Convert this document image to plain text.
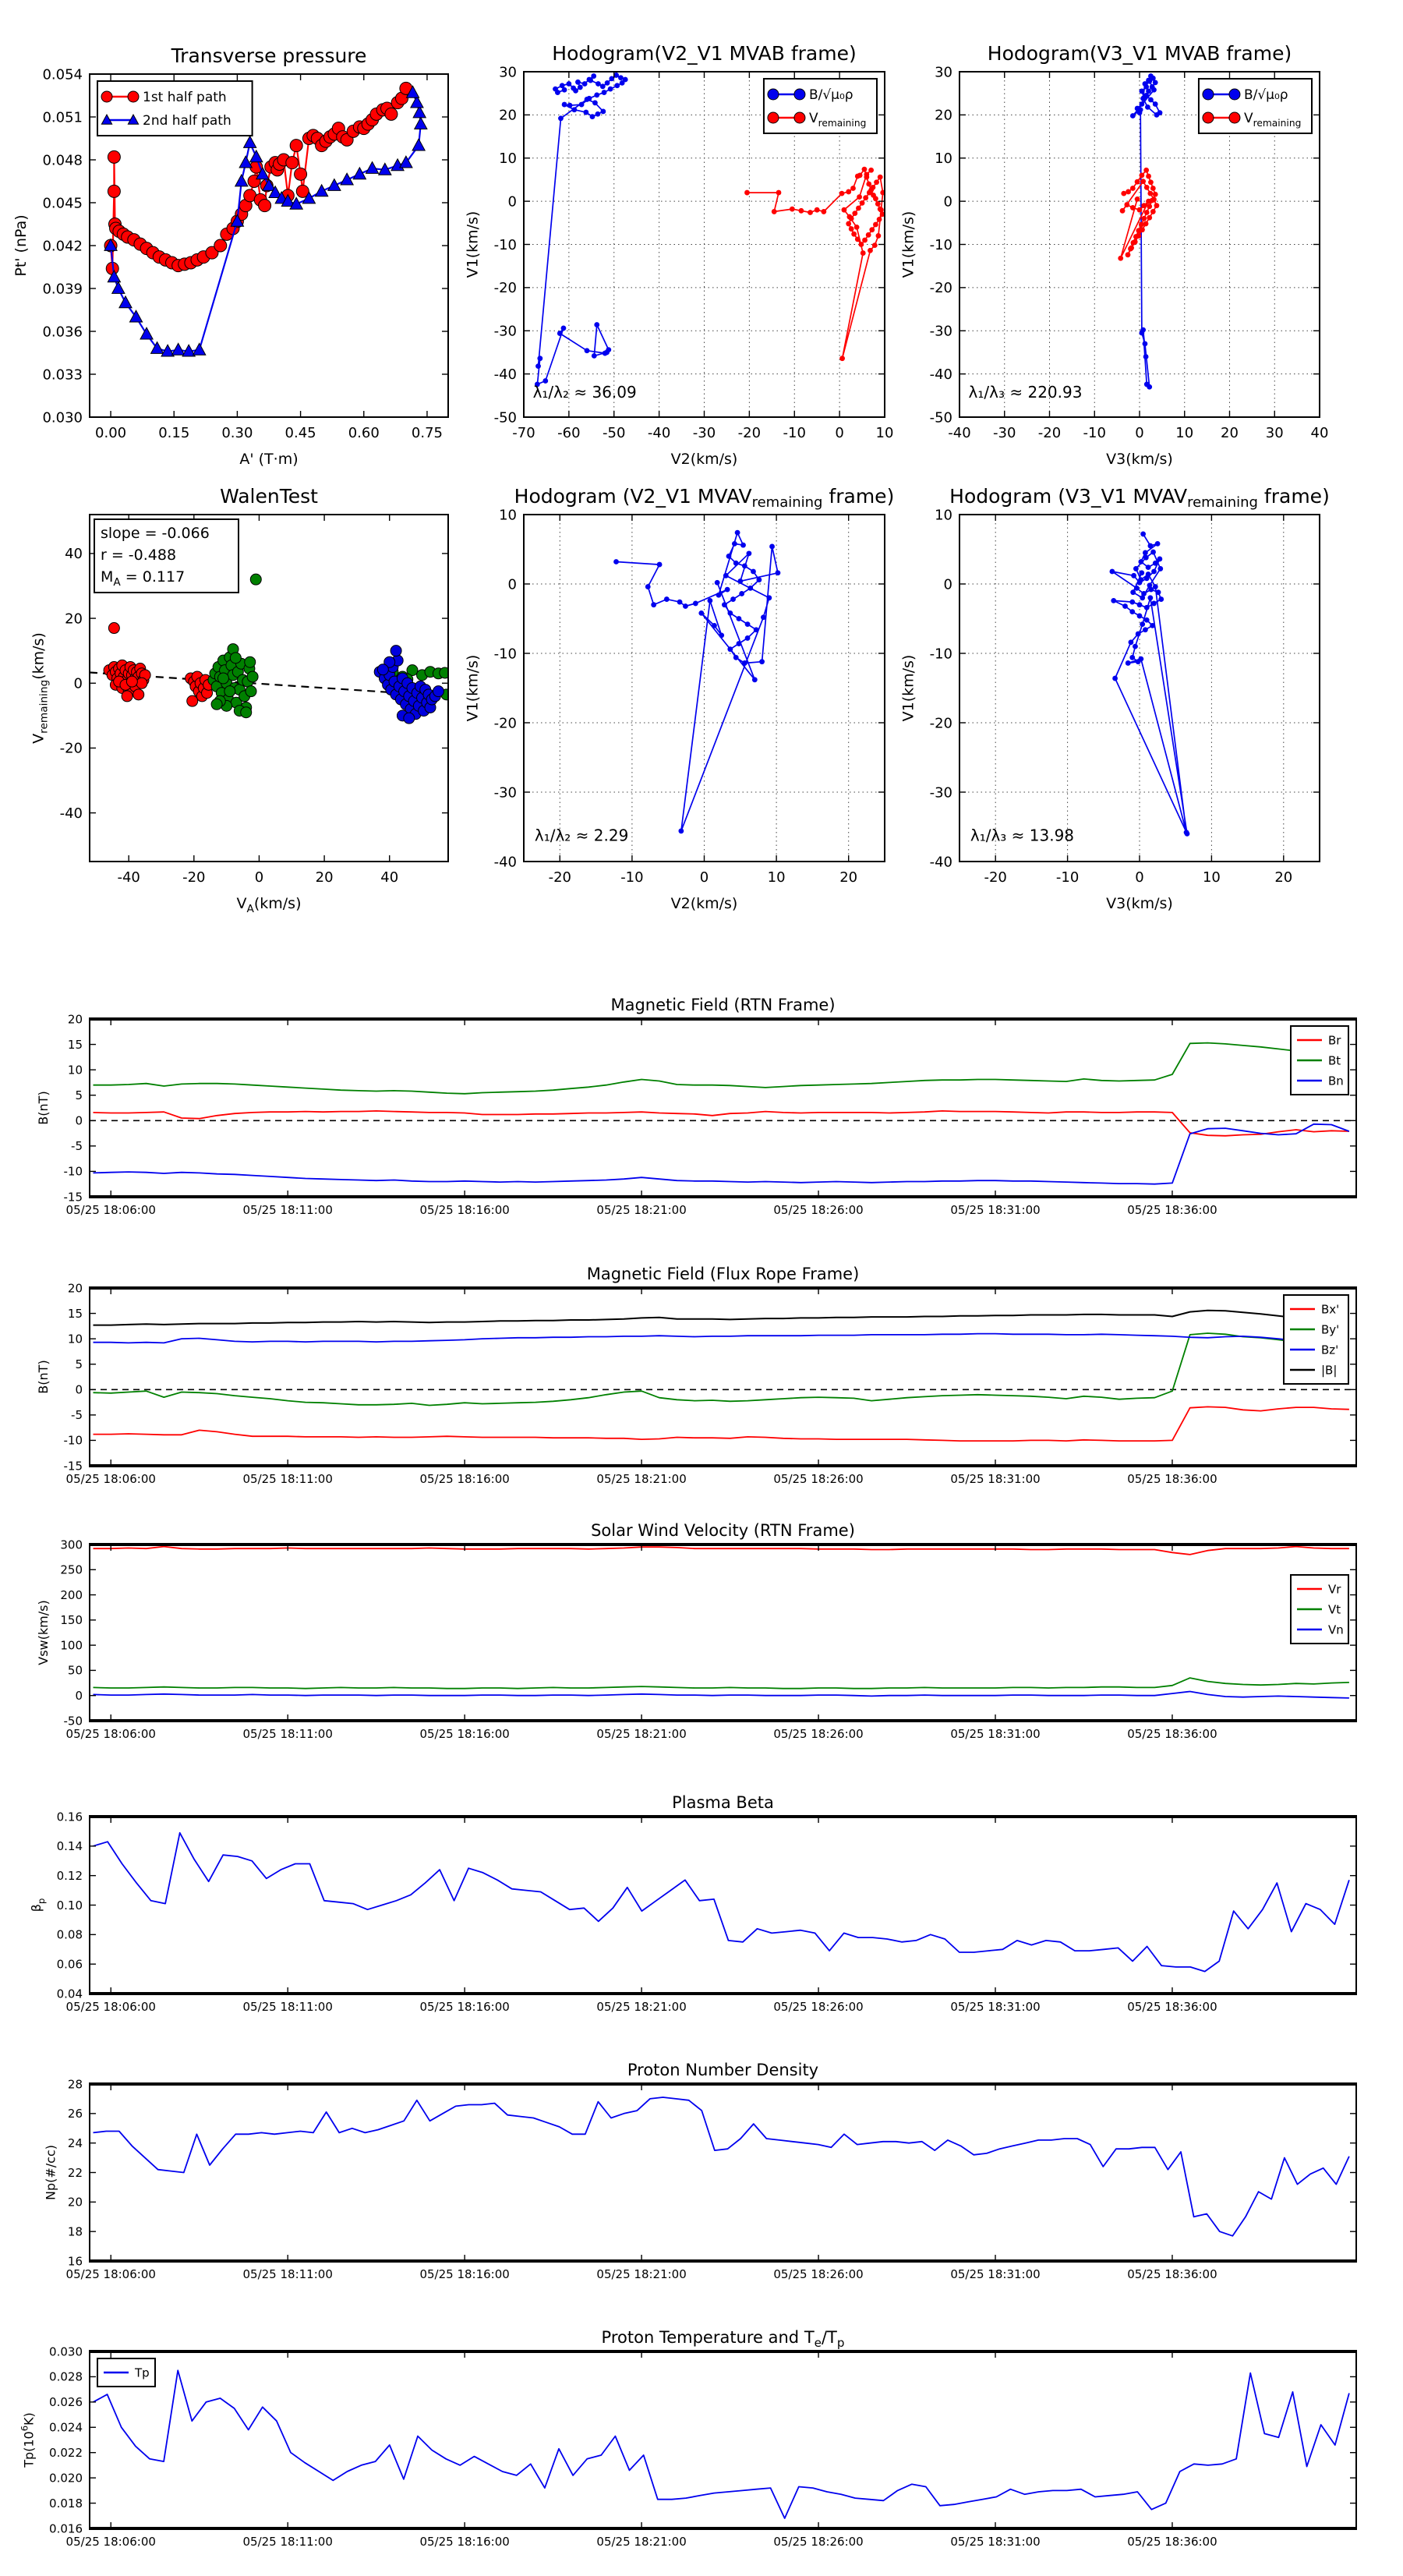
0.00 0.15 0.30 0.45 0.60 0.75
0.030
0.033
0.036
0.039
0.042
0.045
0.048
0.051
0.054
Transverse pressure
A' (T·m)
Pt' (nPa)
1st half path
2nd half path
-70 -60 -50 -40 -30 -20 -10 0 10
-50
-40
-30
-20
-10
0
10
20
30
Hodogram(V2_V1 MVAB frame)
V2(km/s)
V1(km/s)
λ₁/λ₂ ≈ 36.09
B/√μ₀ρ
$V_{remaining}$
-40 -30 -20 -10 0 10 20 30 40
-50
-40
-30
-20
-10
0
10
20
30
Hodogram(V3_V1 MVAB frame)
V3(km/s)
V1(km/s)
λ₁/λ₃ ≈ 220.93
B/√μ₀ρ
$V_{remaining}$
-40	-20	0	20	40
-40
-20
0
20
40
WalenTest
$V_A(km/s)$
$V_{remaining}(km/s)$
slope = -0.066
r = -0.488
$M_A = 0.117$
-20	-10	0	10	20
-40
-30
-20
-10
0
10
Hodogram (V2_V1 $MVAV_{remaining}$ frame)
V2(km/s)
V1(km/s)
λ₁/λ₂ ≈ 2.29
-20	-10	0	10	20
-40
-30
-20
-10
0
10
Hodogram (V3_V1 $MVAV_{remaining}$ frame)
V3(km/s)
V1(km/s)
λ₁/λ₃ ≈ 13.98
05/25 18:06:00	05/25 18:11:00	05/25 18:16:00	05/25 18:21:00	05/25 18:26:00	05/25 18:31:00	05/25 18:36:00
-15
-10
-5
0
5
10
15
20
Magnetic Field (RTN Frame)
B(nT)
Br
Bt
Bn
05/25 18:06:00	05/25 18:11:00	05/25 18:16:00	05/25 18:21:00	05/25 18:26:00	05/25 18:31:00	05/25 18:36:00
-15
-10
-5
0
5
10
15
20
Magnetic Field (Flux Rope Frame)
B(nT)
Bx'
By'
Bz'
|B|
05/25 18:06:00	05/25 18:11:00	05/25 18:16:00	05/25 18:21:00	05/25 18:26:00	05/25 18:31:00	05/25 18:36:00
-50
0
50
100
150
200
250
300
Solar Wind Velocity (RTN Frame)
Vsw(km/s)
Vr
Vt
Vn
05/25 18:06:00	05/25 18:11:00	05/25 18:16:00	05/25 18:21:00	05/25 18:26:00	05/25 18:31:00	05/25 18:36:00
0.04
0.06
0.08
0.10
0.12
0.14
0.16
Plasma Beta
$\beta_p$
05/25 18:06:00	05/25 18:11:00	05/25 18:16:00	05/25 18:21:00	05/25 18:26:00	05/25 18:31:00	05/25 18:36:00
16
18
20
22
24
26
28
Proton Number Density
Np(#/cc)
05/25 18:06:00	05/25 18:11:00	05/25 18:16:00	05/25 18:21:00	05/25 18:26:00	05/25 18:31:00	05/25 18:36:00
0.016
0.018
0.020
0.022
0.024
0.026
0.028
0.030
Proton Temperature and $T_e/T_p$
$Tp(10^6K)$
Tp
